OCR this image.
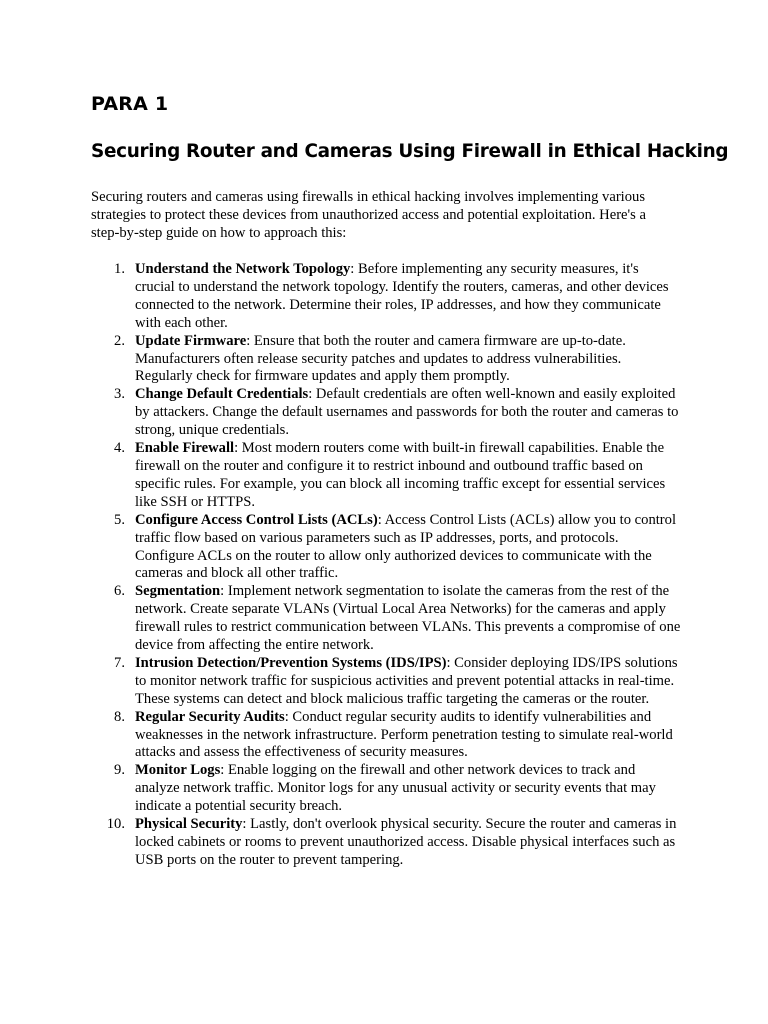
PARA 1
Securing Router and Cameras Using Firewall in Ethical Hacking

Securing routers and cameras using firewalls in ethical hacking involves implementing various strategies to protect these devices from unauthorized access and potential exploitation. Here's a step-by-step guide on how to approach this:

1. Understand the Network Topology: Before implementing any security measures, it's crucial to understand the network topology. Identify the routers, cameras, and other devices connected to the network. Determine their roles, IP addresses, and how they communicate with each other.
2. Update Firmware: Ensure that both the router and camera firmware are up-to-date. Manufacturers often release security patches and updates to address vulnerabilities. Regularly check for firmware updates and apply them promptly.
3. Change Default Credentials: Default credentials are often well-known and easily exploited by attackers. Change the default usernames and passwords for both the router and cameras to strong, unique credentials.
4. Enable Firewall: Most modern routers come with built-in firewall capabilities. Enable the firewall on the router and configure it to restrict inbound and outbound traffic based on specific rules. For example, you can block all incoming traffic except for essential services like SSH or HTTPS.
5. Configure Access Control Lists (ACLs): Access Control Lists (ACLs) allow you to control traffic flow based on various parameters such as IP addresses, ports, and protocols. Configure ACLs on the router to allow only authorized devices to communicate with the cameras and block all other traffic.
6. Segmentation: Implement network segmentation to isolate the cameras from the rest of the network. Create separate VLANs (Virtual Local Area Networks) for the cameras and apply firewall rules to restrict communication between VLANs. This prevents a compromise of one device from affecting the entire network.
7. Intrusion Detection/Prevention Systems (IDS/IPS): Consider deploying IDS/IPS solutions to monitor network traffic for suspicious activities and prevent potential attacks in real-time. These systems can detect and block malicious traffic targeting the cameras or the router.
8. Regular Security Audits: Conduct regular security audits to identify vulnerabilities and weaknesses in the network infrastructure. Perform penetration testing to simulate real-world attacks and assess the effectiveness of security measures.
9. Monitor Logs: Enable logging on the firewall and other network devices to track and analyze network traffic. Monitor logs for any unusual activity or security events that may indicate a potential security breach.
10. Physical Security: Lastly, don't overlook physical security. Secure the router and cameras in locked cabinets or rooms to prevent unauthorized access. Disable physical interfaces such as USB ports on the router to prevent tampering.
